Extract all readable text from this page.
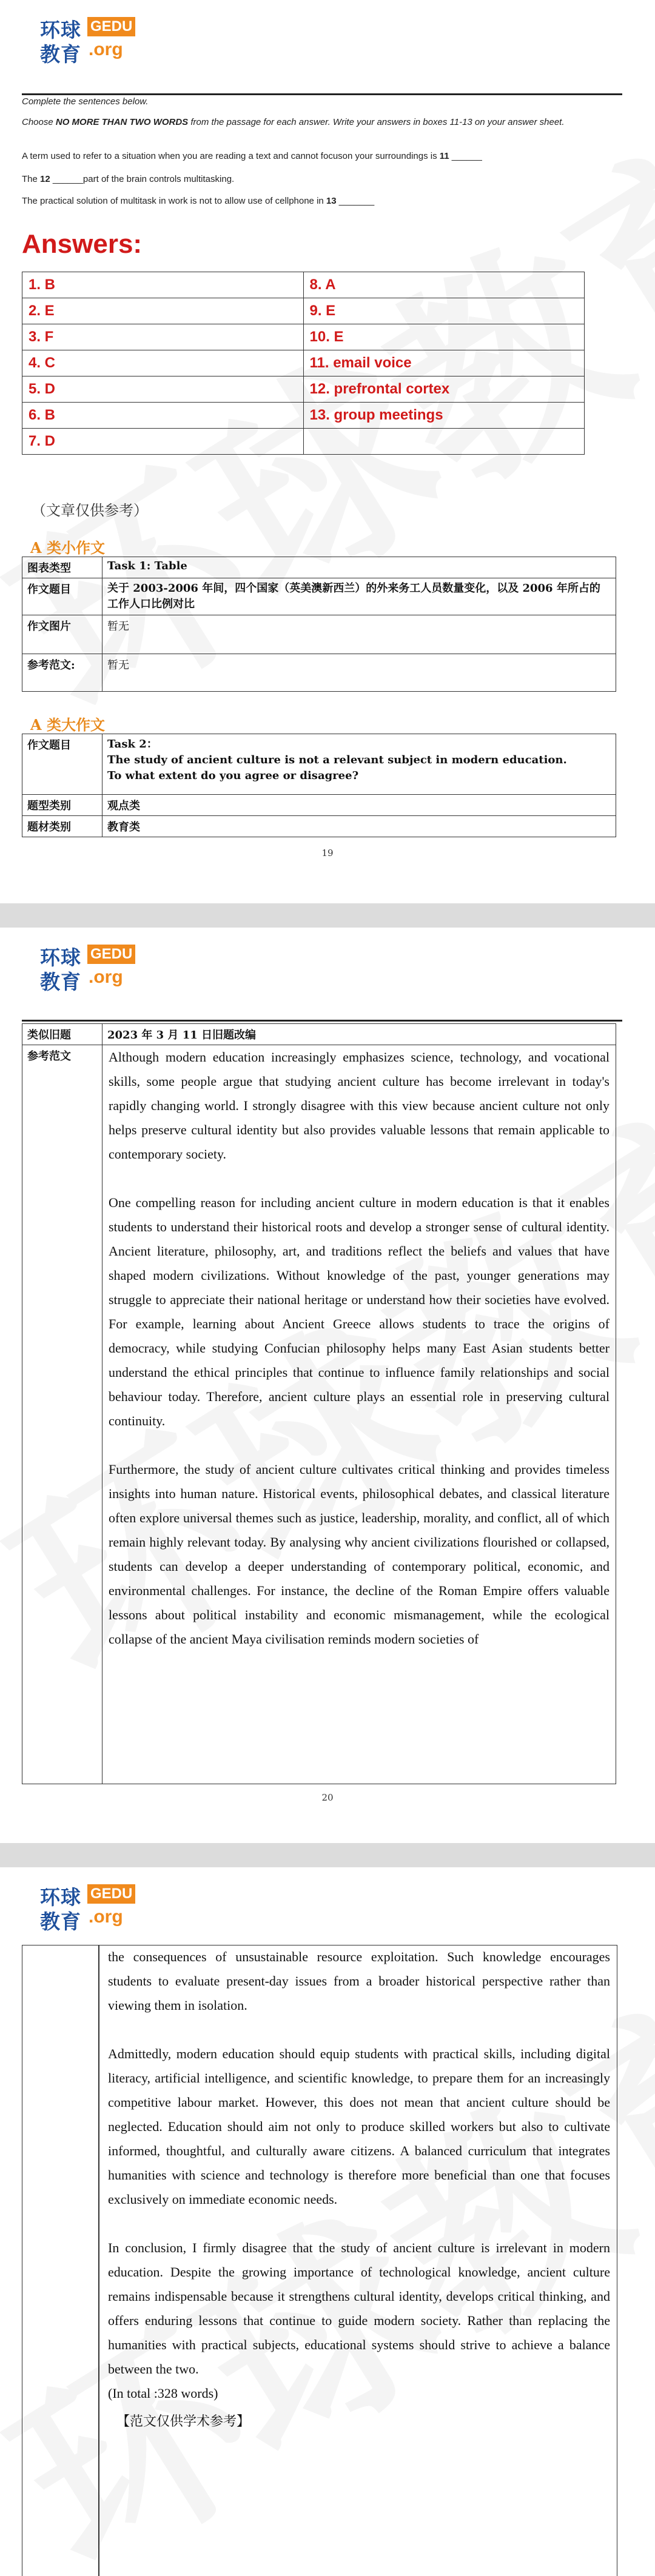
环球 GEDU
教育 .org
Complete the sentences below.
Choose NO MORE THAN TWO WORDS from the passage for each answer. Write your answers in boxes 11-13 on your answer sheet.
A term used to refer to a situation when you are reading a text and cannot focuson your surroundings is 11 ______
The 12 ______part of the brain controls multitasking.
The practical solution of multitask in work is not to allow use of cellphone in 13 _______
Answers:
1. B	8. A
2. E	9. E
3. F	10. E
4. C	11. email voice
5. D	12. prefrontal cortex
6. B	13. group meetings
7. D	
（文章仅供参考）
A 类小作文
图表类型	Task 1: Table
作文题目	关于 2003-2006 年间，四个国家（英美澳新西兰）的外来务工人员数量变化，以及 2006 年所占的工作人口比例对比
作文图片	暂无
参考范文:	暂无
A 类大作文
作文题目	Task 2：
The study of ancient culture is not a relevant subject in modern education.
To what extent do you agree or disagree?

题型类别	观点类
题材类别	教育类
19
环球 GEDU
教育 .org
类似旧题	2023 年 3 月 11 日旧题改编
参考范文	Although modern education increasingly emphasizes science, technology, and vocational skills, some people argue that studying ancient culture has become irrelevant in today's rapidly changing world. I strongly disagree with this view because ancient culture not only helps preserve cultural identity but also provides valuable lessons that remain applicable to contemporary society.

One compelling reason for including ancient culture in modern education is that it enables students to understand their historical roots and develop a stronger sense of cultural identity. Ancient literature, philosophy, art, and traditions reflect the beliefs and values that have shaped modern civilizations. Without knowledge of the past, younger generations may struggle to appreciate their national heritage or understand how their societies have evolved. For example, learning about Ancient Greece allows students to trace the origins of democracy, while studying Confucian philosophy helps many East Asian students better understand the ethical principles that continue to influence family relationships and social behaviour today. Therefore, ancient culture plays an essential role in preserving cultural continuity.

Furthermore, the study of ancient culture cultivates critical thinking and provides timeless insights into human nature. Historical events, philosophical debates, and classical literature often explore universal themes such as justice, leadership, morality, and conflict, all of which remain highly relevant today. By analysing why ancient civilizations flourished or collapsed, students can develop a deeper understanding of contemporary political, economic, and environmental challenges. For instance, the decline of the Roman Empire offers valuable lessons about political instability and economic mismanagement, while the ecological collapse of the ancient Maya civilisation reminds modern societies of

20
环球 GEDU
教育 .org

the consequences of unsustainable resource exploitation. Such knowledge encourages students to evaluate present-day issues from a broader historical perspective rather than viewing them in isolation.

Admittedly, modern education should equip students with practical skills, including digital literacy, artificial intelligence, and scientific knowledge, to prepare them for an increasingly competitive labour market. However, this does not mean that ancient culture should be neglected. Education should aim not only to produce skilled workers but also to cultivate informed, thoughtful, and culturally aware citizens. A balanced curriculum that integrates humanities with science and technology is therefore more beneficial than one that focuses exclusively on immediate economic needs.

In conclusion, I firmly disagree that the study of ancient culture is irrelevant in modern education. Despite the growing importance of technological knowledge, ancient culture remains indispensable because it strengthens cultural identity, develops critical thinking, and offers enduring lessons that continue to guide modern society. Rather than replacing the humanities with practical subjects, educational systems should strive to achieve a balance between the two.

(In total :328 words)

【范文仅供学术参考】
